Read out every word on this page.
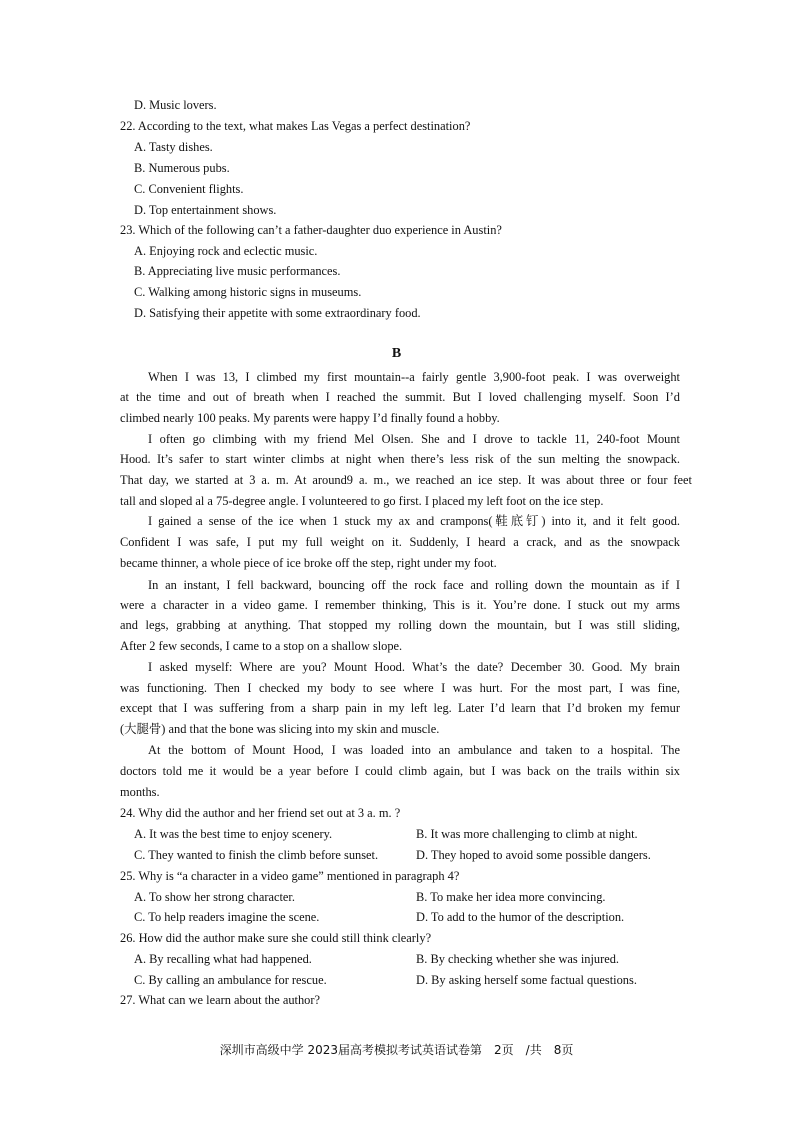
D. Music lovers.
22. According to the text, what makes Las Vegas a perfect destination?
A. Tasty dishes.
B. Numerous pubs.
C. Convenient flights.
D. Top entertainment shows.
23. Which of the following can’t a father-daughter duo experience in Austin?
A. Enjoying rock and eclectic music.
B. Appreciating live music performances.
C. Walking among historic signs in museums.
D. Satisfying their appetite with some extraordinary food.
B
When I was 13, I climbed my first mountain--a fairly gentle 3,900-foot peak. I was overweight
at the time and out of breath when I reached the summit. But I loved challenging myself. Soon I’d
climbed nearly 100 peaks. My parents were happy I’d finally found a hobby.
I often go climbing with my friend Mel Olsen. She and I drove to tackle 11, 240-foot Mount
Hood. It’s safer to start winter climbs at night when there’s less risk of the sun melting the snowpack.
That day, we started at 3 a. m. At around9 a. m., we reached an ice step. It was about three or four feet
tall and sloped al a 75-degree angle. I volunteered to go first. I placed my left foot on the ice step.
I gained a sense of the ice when 1 stuck my ax and crampons(鞋底钉) into it, and it felt good.
Confident I was safe, I put my full weight on it. Suddenly, I heard a crack, and as the snowpack
became thinner, a whole piece of ice broke off the step, right under my foot.
In an instant, I fell backward, bouncing off the rock face and rolling down the mountain as if I
were a character in a video game. I remember thinking, This is it. You’re done. I stuck out my arms
and legs, grabbing at anything. That stopped my rolling down the mountain, but I was still sliding,
After 2 few seconds, I came to a stop on a shallow slope.
I asked myself: Where are you? Mount Hood. What’s the date? December 30. Good. My brain
was functioning. Then I checked my body to see where I was hurt. For the most part, I was fine,
except that I was suffering from a sharp pain in my left leg. Later I’d learn that I’d broken my femur
(大腿骨) and that the bone was slicing into my skin and muscle.
At the bottom of Mount Hood, I was loaded into an ambulance and taken to a hospital. The
doctors told me it would be a year before I could climb again, but I was back on the trails within six
months.
24. Why did the author and her friend set out at 3 a. m. ?
A. It was the best time to enjoy scenery.	B. It was more challenging to climb at night.
C. They wanted to finish the climb before sunset.	D. They hoped to avoid some possible dangers.
25. Why is “a character in a video game” mentioned in paragraph 4?
A. To show her strong character.	B. To make her idea more convincing.
C. To help readers imagine the scene.	D. To add to the humor of the description.
26. How did the author make sure she could still think clearly?
A. By recalling what had happened.	B. By checking whether she was injured.
C. By calling an ambulance for rescue.	D. By asking herself some factual questions.
27. What can we learn about the author?
深圳市高级中学 2023届高考模拟考试英语试卷第　2页　/共　8页
